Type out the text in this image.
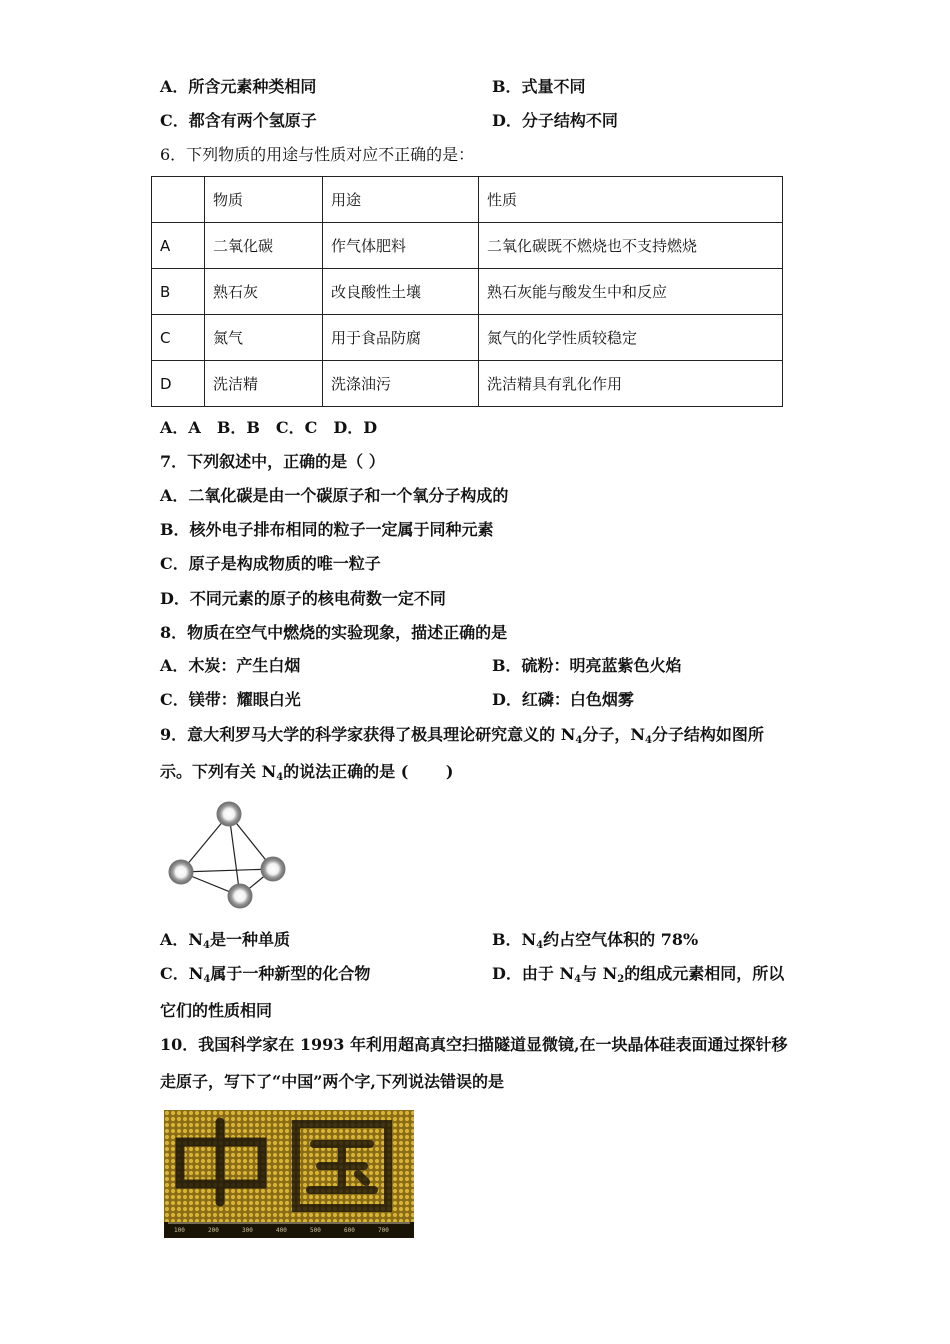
A．所含元素种类相同	B．式量不同
C．都含有两个氢原子	D．分子结构不同
6．下列物质的用途与性质对应不正确的是：
	物质	用途	性质
A	二氧化碳	作气体肥料	二氧化碳既不燃烧也不支持燃烧
B	熟石灰	改良酸性土壤	熟石灰能与酸发生中和反应
C	氮气	用于食品防腐	氮气的化学性质较稳定
D	洗洁精	洗涤油污	洗洁精具有乳化作用
A．A　B．B　C．C　D．D
7．下列叙述中，正确的是（ ）
A．二氧化碳是由一个碳原子和一个氧分子构成的
B．核外电子排布相同的粒子一定属于同种元素
C．原子是构成物质的唯一粒子
D．不同元素的原子的核电荷数一定不同
8．物质在空气中燃烧的实验现象，描述正确的是
A．木炭：产生白烟	B．硫粉：明亮蓝紫色火焰
C．镁带：耀眼白光	D．红磷：白色烟雾
9．意大利罗马大学的科学家获得了极具理论研究意义的 $N_4$分子，$N_4$分子结构如图所
示。下列有关 $N_4$的说法正确的是 (　　 )
A．$N_4$是一种单质	B．$N_4$约占空气体积的 78%
C．$N_4$属于一种新型的化合物	D．由于 $N_4$与 $N_2$的组成元素相同，所以
它们的性质相同
10．我国科学家在 1993 年利用超高真空扫描隧道显微镜,在一块晶体硅表面通过探针移
走原子，写下了“中国”两个字,下列说法错误的是
100	200	300	400	500	600	700
